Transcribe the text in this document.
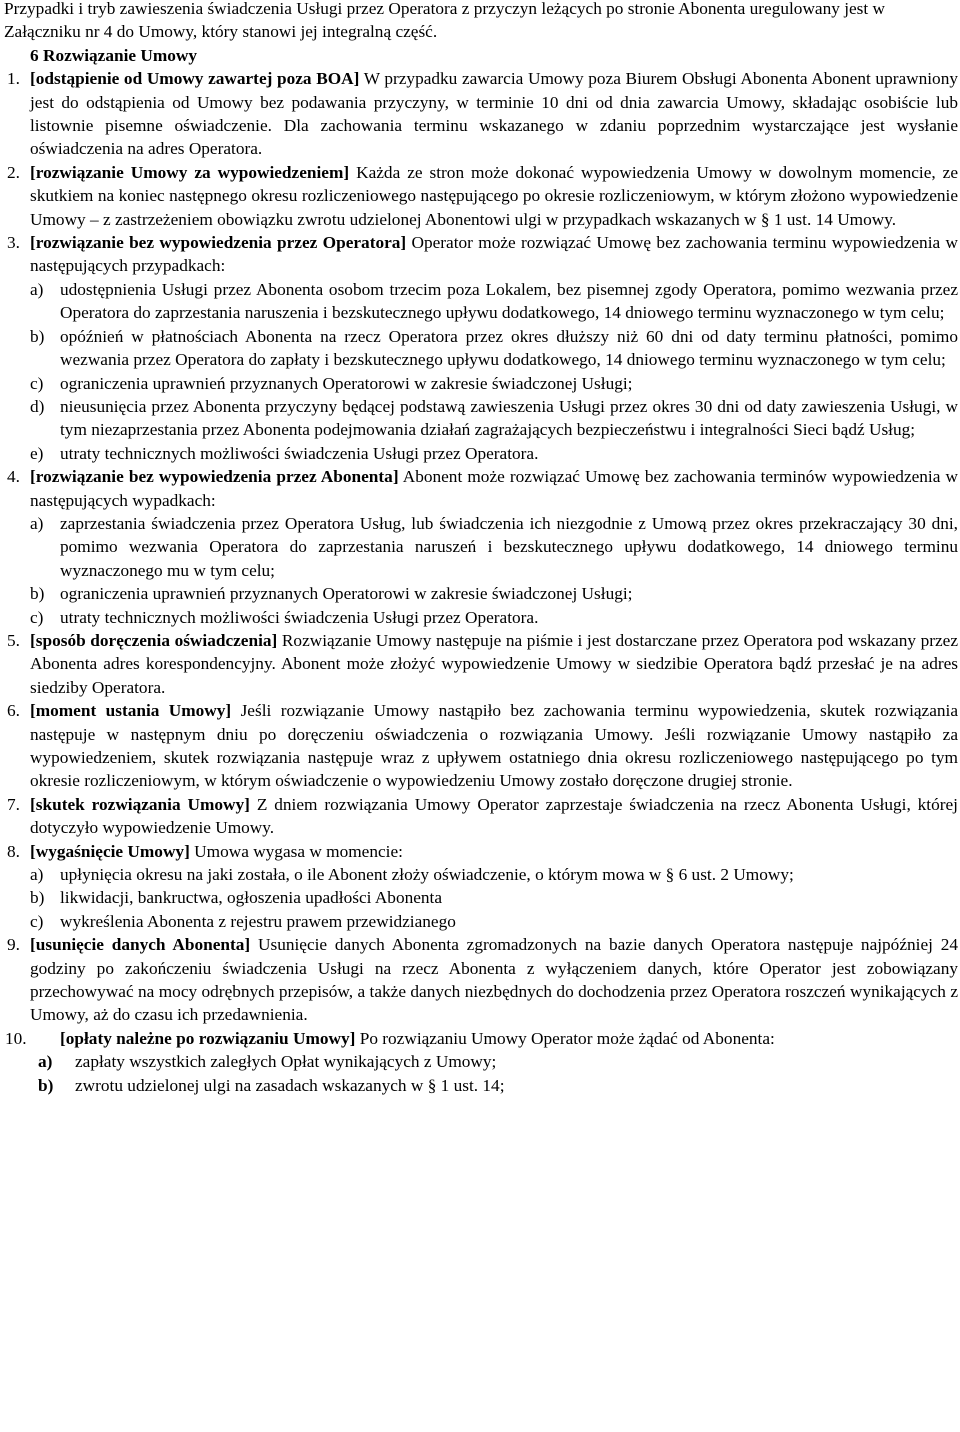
Przypadki i tryb zawieszenia świadczenia Usługi przez Operatora z przyczyn leżących po stronie Abonenta uregulowany jest w Załączniku nr 4 do Umowy, który stanowi jej integralną część.

6 Rozwiązanie Umowy

1. [odstąpienie od Umowy zawartej poza BOA] W przypadku zawarcia Umowy poza Biurem Obsługi Abonenta Abonent uprawniony jest do odstąpienia od Umowy bez podawania przyczyny, w terminie 10 dni od dnia zawarcia Umowy, składając osobiście lub listownie pisemne oświadczenie. Dla zachowania terminu wskazanego w zdaniu poprzednim wystarczające jest wysłanie oświadczenia na adres Operatora.

2. [rozwiązanie Umowy za wypowiedzeniem] Każda ze stron może dokonać wypowiedzenia Umowy w dowolnym momencie, ze skutkiem na koniec następnego okresu rozliczeniowego następującego po okresie rozliczeniowym, w którym złożono wypowiedzenie Umowy – z zastrzeżeniem obowiązku zwrotu udzielonej Abonentowi ulgi w przypadkach wskazanych w § 1 ust. 14 Umowy.

3. [rozwiązanie bez wypowiedzenia przez Operatora] Operator może rozwiązać Umowę bez zachowania terminu wypowiedzenia w następujących przypadkach:

a) udostępnienia Usługi przez Abonenta osobom trzecim poza Lokalem, bez pisemnej zgody Operatora, pomimo wezwania przez Operatora do zaprzestania naruszenia i bezskutecznego upływu dodatkowego, 14 dniowego terminu wyznaczonego w tym celu;

b) opóźnień w płatnościach Abonenta na rzecz Operatora przez okres dłuższy niż 60 dni od daty terminu płatności, pomimo wezwania przez Operatora do zapłaty i bezskutecznego upływu dodatkowego, 14 dniowego terminu wyznaczonego w tym celu;

c) ograniczenia uprawnień przyznanych Operatorowi w zakresie świadczonej Usługi;

d) nieusunięcia przez Abonenta przyczyny będącej podstawą zawieszenia Usługi przez okres 30 dni od daty zawieszenia Usługi, w tym niezaprzestania przez Abonenta podejmowania działań zagrażających bezpieczeństwu i integralności Sieci bądź Usług;

e) utraty technicznych możliwości świadczenia Usługi przez Operatora.

4. [rozwiązanie bez wypowiedzenia przez Abonenta] Abonent może rozwiązać Umowę bez zachowania terminów wypowiedzenia w następujących wypadkach:

a) zaprzestania świadczenia przez Operatora Usług, lub świadczenia ich niezgodnie z Umową przez okres przekraczający 30 dni, pomimo wezwania Operatora do zaprzestania naruszeń i bezskutecznego upływu dodatkowego, 14 dniowego terminu wyznaczonego mu w tym celu;

b) ograniczenia uprawnień przyznanych Operatorowi w zakresie świadczonej Usługi;

c) utraty technicznych możliwości świadczenia Usługi przez Operatora.

5. [sposób doręczenia oświadczenia] Rozwiązanie Umowy następuje na piśmie i jest dostarczane przez Operatora pod wskazany przez Abonenta adres korespondencyjny. Abonent może złożyć wypowiedzenie Umowy w siedzibie Operatora bądź przesłać je na adres siedziby Operatora.

6. [moment ustania Umowy] Jeśli rozwiązanie Umowy nastąpiło bez zachowania terminu wypowiedzenia, skutek rozwiązania następuje w następnym dniu po doręczeniu oświadczenia o rozwiązania Umowy. Jeśli rozwiązanie Umowy nastąpiło za wypowiedzeniem, skutek rozwiązania następuje wraz z upływem ostatniego dnia okresu rozliczeniowego następującego po tym okresie rozliczeniowym, w którym oświadczenie o wypowiedzeniu Umowy zostało doręczone drugiej stronie.

7. [skutek rozwiązania Umowy] Z dniem rozwiązania Umowy Operator zaprzestaje świadczenia na rzecz Abonenta Usługi, której dotyczyło wypowiedzenie Umowy.

8. [wygaśnięcie Umowy] Umowa wygasa w momencie:

a) upłynięcia okresu na jaki została, o ile Abonent złoży oświadczenie, o którym mowa w § 6 ust. 2 Umowy;

b) likwidacji, bankructwa, ogłoszenia upadłości Abonenta

c) wykreślenia Abonenta z rejestru prawem przewidzianego

9. [usunięcie danych Abonenta] Usunięcie danych Abonenta zgromadzonych na bazie danych Operatora następuje najpóźniej 24 godziny po zakończeniu świadczenia Usługi na rzecz Abonenta z wyłączeniem danych, które Operator jest zobowiązany przechowywać na mocy odrębnych przepisów, a także danych niezbędnych do dochodzenia przez Operatora roszczeń wynikających z Umowy, aż do czasu ich przedawnienia.

10. [opłaty należne po rozwiązaniu Umowy] Po rozwiązaniu Umowy Operator może żądać od Abonenta:

a) zapłaty wszystkich zaległych Opłat wynikających z Umowy;

b) zwrotu udzielonej ulgi na zasadach wskazanych w § 1 ust. 14;
